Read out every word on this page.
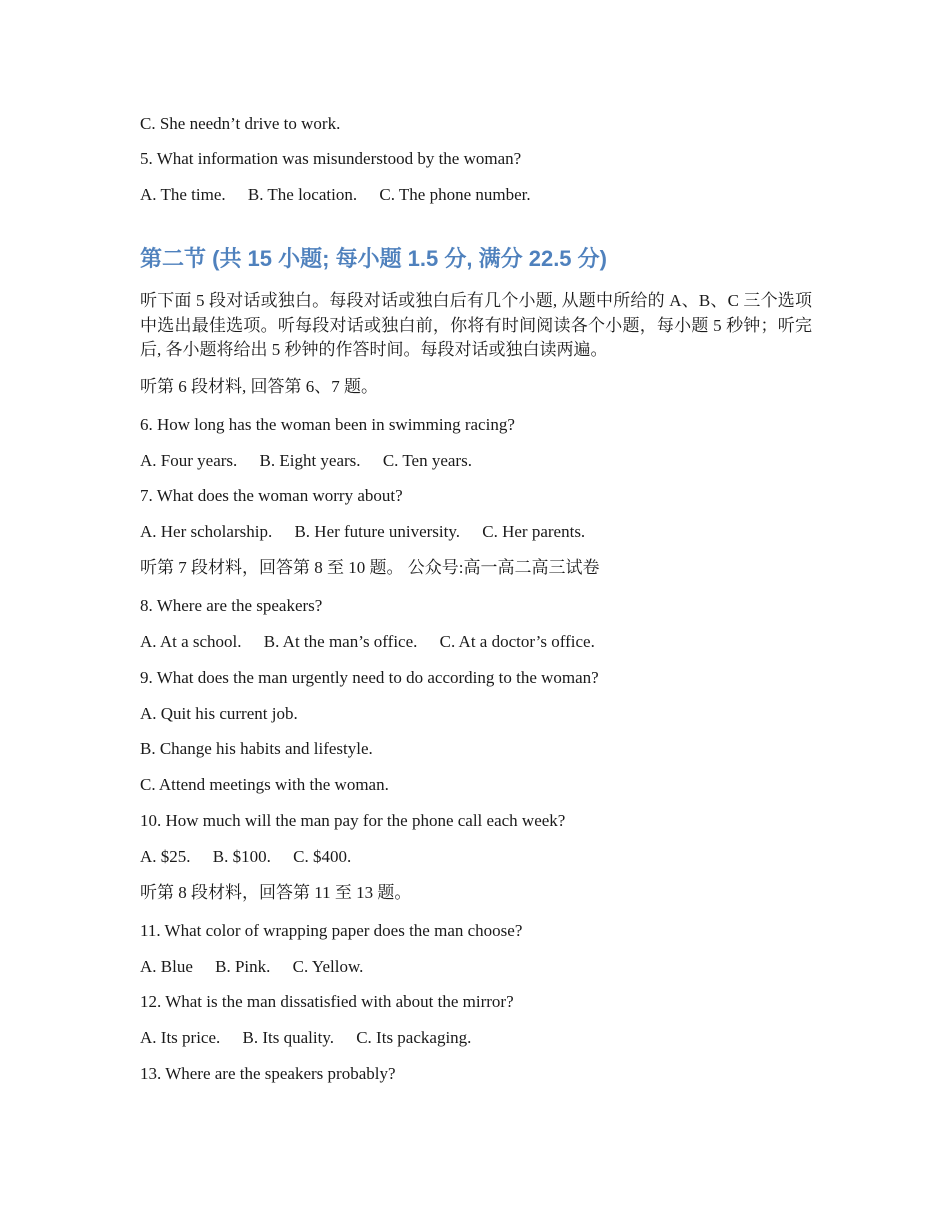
C. She needn’t drive to work.
5. What information was misunderstood by the woman?
A. The time. B. The location. C. The phone number.
第二节 (共 15 小题; 每小题 1.5 分, 满分 22.5 分)
听下面 5 段对话或独白。每段对话或独白后有几个小题, 从题中所给的 A、B、C 三个选项中选出最佳选项。听每段对话或独白前，你将有时间阅读各个小题，每小题 5 秒钟；听完后, 各小题将给出 5 秒钟的作答时间。每段对话或独白读两遍。
听第 6 段材料, 回答第 6、7 题。
6. How long has the woman been in swimming racing?
A. Four years. B. Eight years. C. Ten years.
7. What does the woman worry about?
A. Her scholarship. B. Her future university. C. Her parents.
听第 7 段材料，回答第 8 至 10 题。 公众号:高一高二高三试卷
8. Where are the speakers?
A. At a school. B. At the man’s office. C. At a doctor’s office.
9. What does the man urgently need to do according to the woman?
A. Quit his current job.
B. Change his habits and lifestyle.
C. Attend meetings with the woman.
10. How much will the man pay for the phone call each week?
A. $25. B. $100. C. $400.
听第 8 段材料，回答第 11 至 13 题。
11. What color of wrapping paper does the man choose?
A. Blue B. Pink. C. Yellow.
12. What is the man dissatisfied with about the mirror?
A. Its price. B. Its quality. C. Its packaging.
13. Where are the speakers probably?
